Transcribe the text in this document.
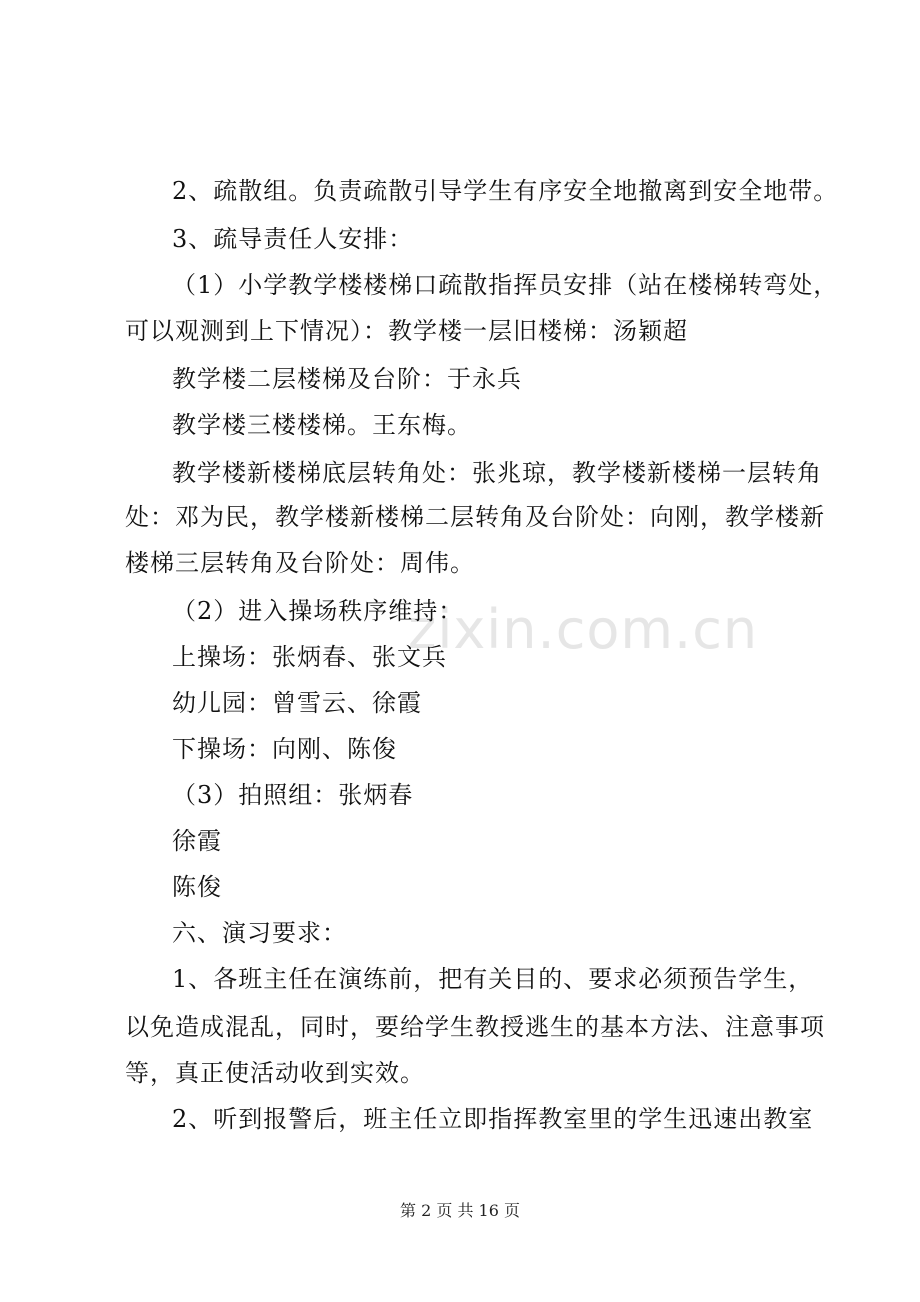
zixin.com.cn
2、疏散组。负责疏散引导学生有序安全地撤离到安全地带。
3、疏导责任人安排：
（1）小学教学楼楼梯口疏散指挥员安排（站在楼梯转弯处，
可以观测到上下情况）：教学楼一层旧楼梯：汤颖超
教学楼二层楼梯及台阶：于永兵
教学楼三楼楼梯。王东梅。
教学楼新楼梯底层转角处：张兆琼，教学楼新楼梯一层转角
处：邓为民，教学楼新楼梯二层转角及台阶处：向刚，教学楼新
楼梯三层转角及台阶处：周伟。
（2）进入操场秩序维持：
上操场：张炳春、张文兵
幼儿园：曾雪云、徐霞
下操场：向刚、陈俊
（3）拍照组：张炳春
徐霞
陈俊
六、演习要求：
1、各班主任在演练前，把有关目的、要求必须预告学生，
以免造成混乱，同时，要给学生教授逃生的基本方法、注意事项
等，真正使活动收到实效。
2、听到报警后，班主任立即指挥教室里的学生迅速出教室
第 2 页 共 16 页
